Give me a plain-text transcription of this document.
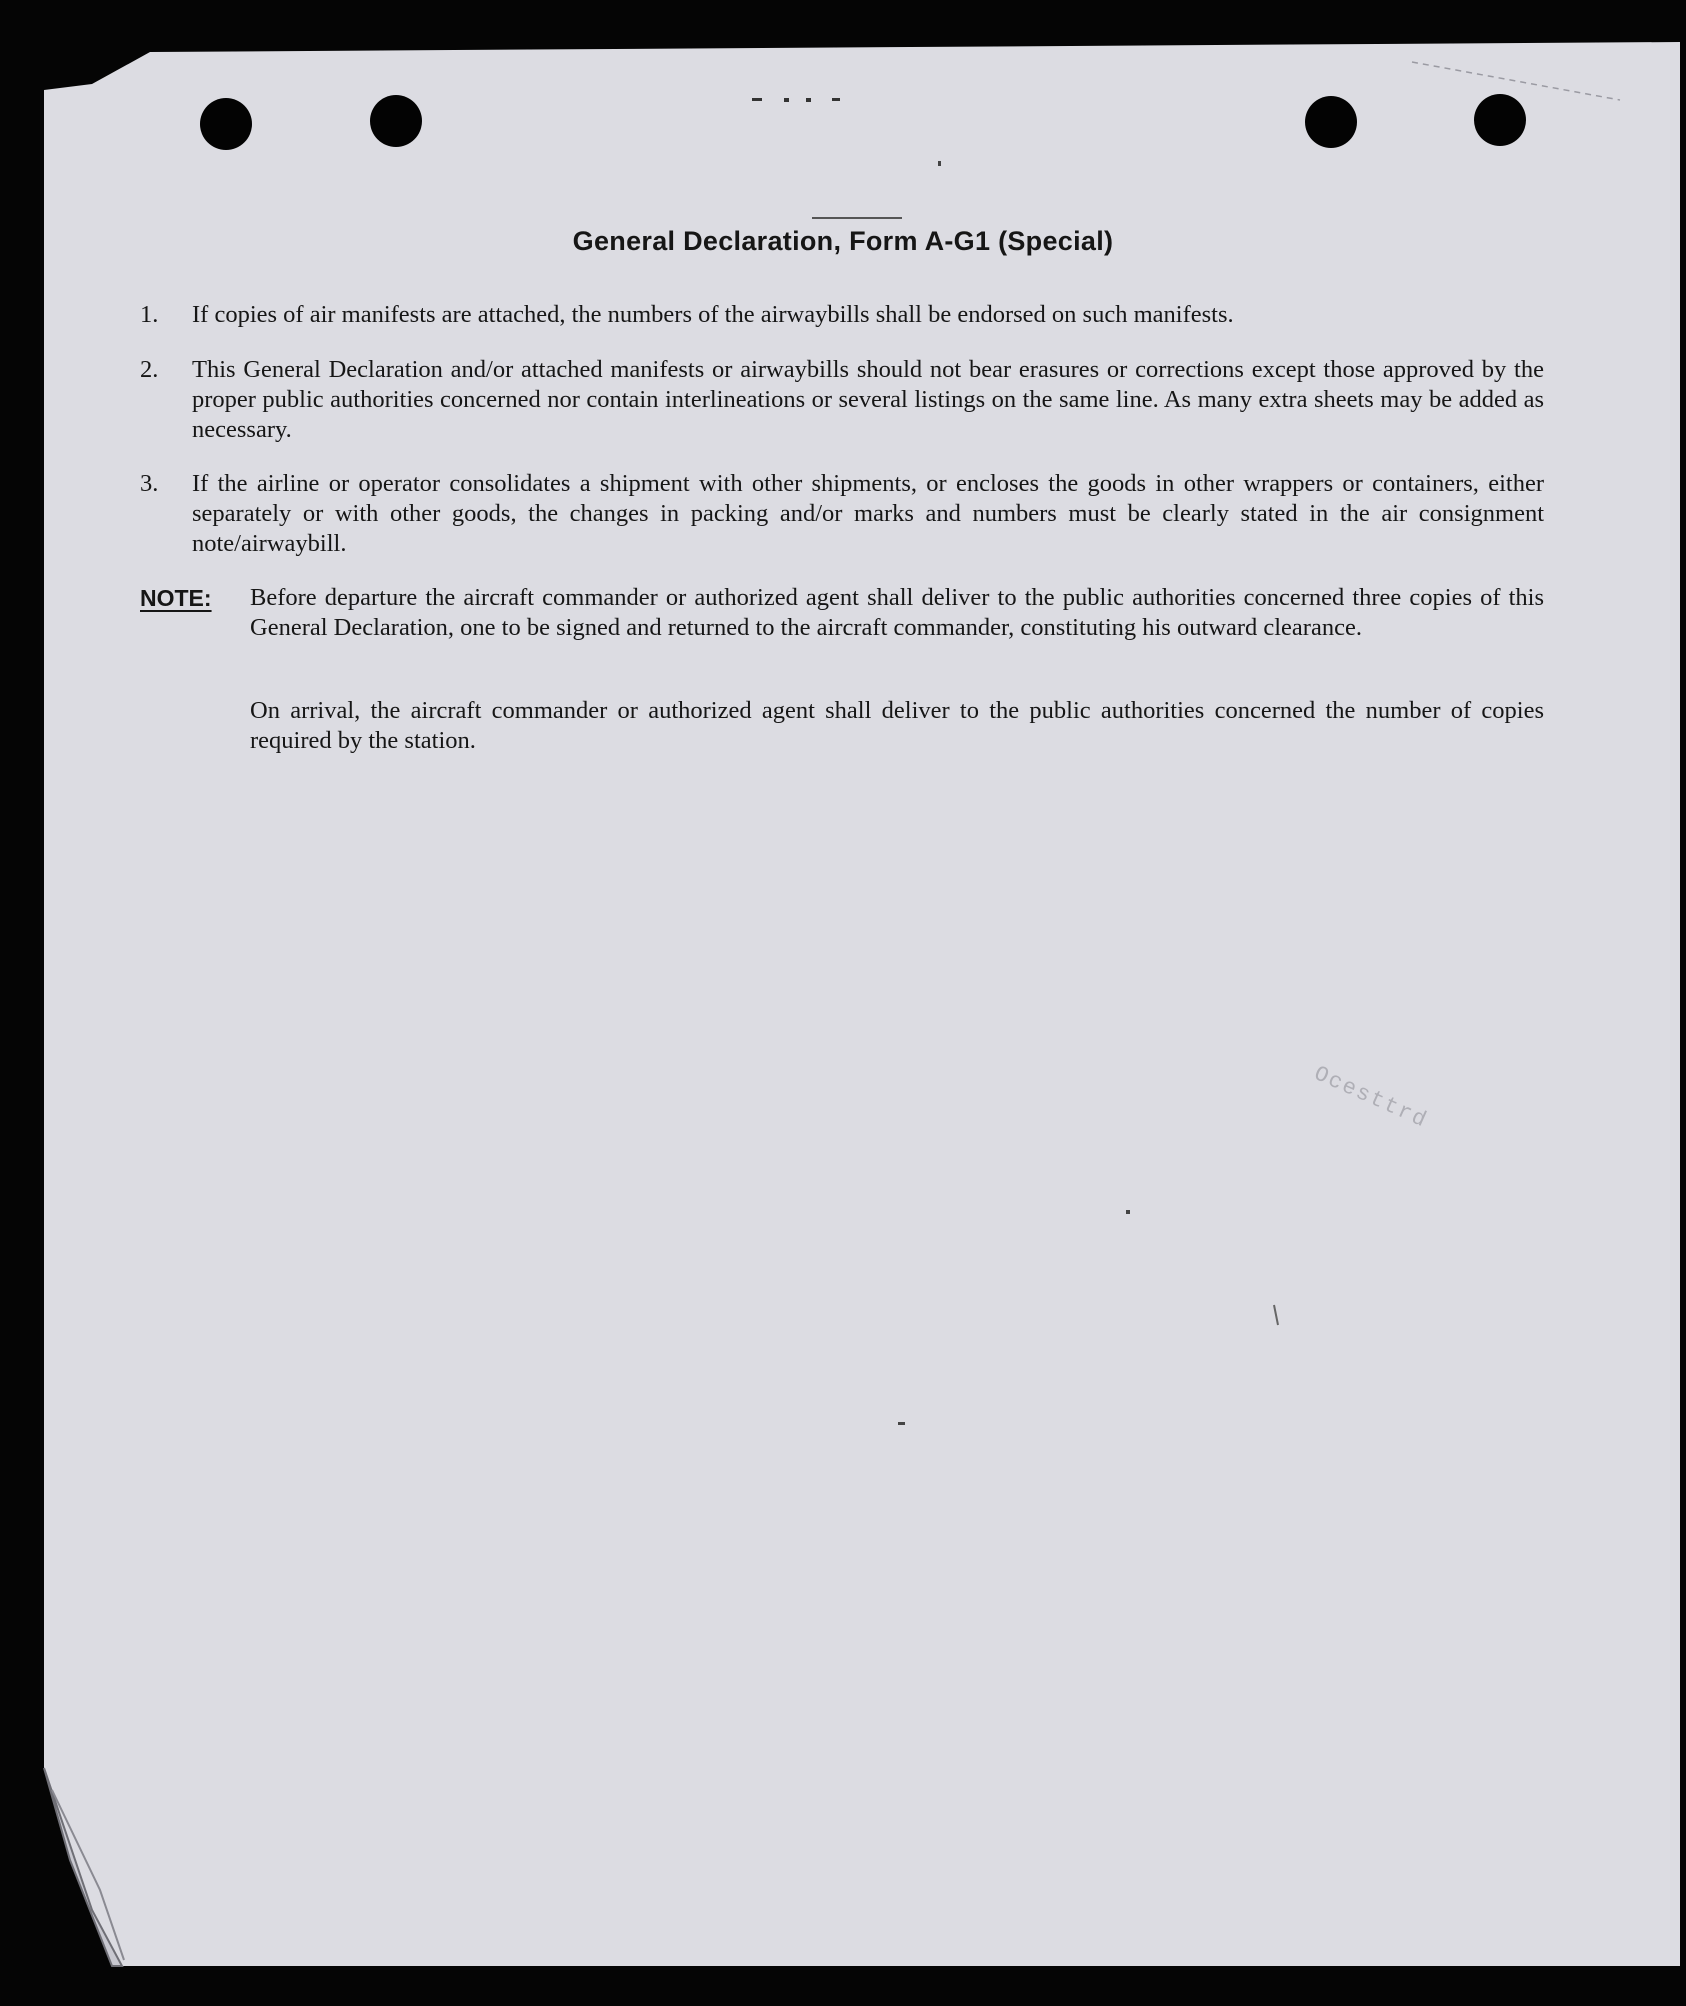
General Declaration, Form A-G1 (Special)
1.	If copies of air manifests are attached, the numbers of the airwaybills shall be endorsed on such manifests.
2.	This General Declaration and/or attached manifests or airwaybills should not bear erasures or corrections except those approved by the proper public authorities concerned nor contain interlineations or several listings on the same line. As many extra sheets may be added as necessary.
3.	If the airline or operator consolidates a shipment with other shipments, or encloses the goods in other wrappers or containers, either separately or with other goods, the changes in packing and/or marks and numbers must be clearly stated in the air consignment note/airwaybill.
NOTE: Before departure the aircraft commander or authorized agent shall deliver to the public authorities concerned three copies of this General Declaration, one to be signed and returned to the aircraft commander, constituting his outward clearance.
On arrival, the aircraft commander or authorized agent shall deliver to the public authorities concerned the number of copies required by the station.
Ocesttrd
